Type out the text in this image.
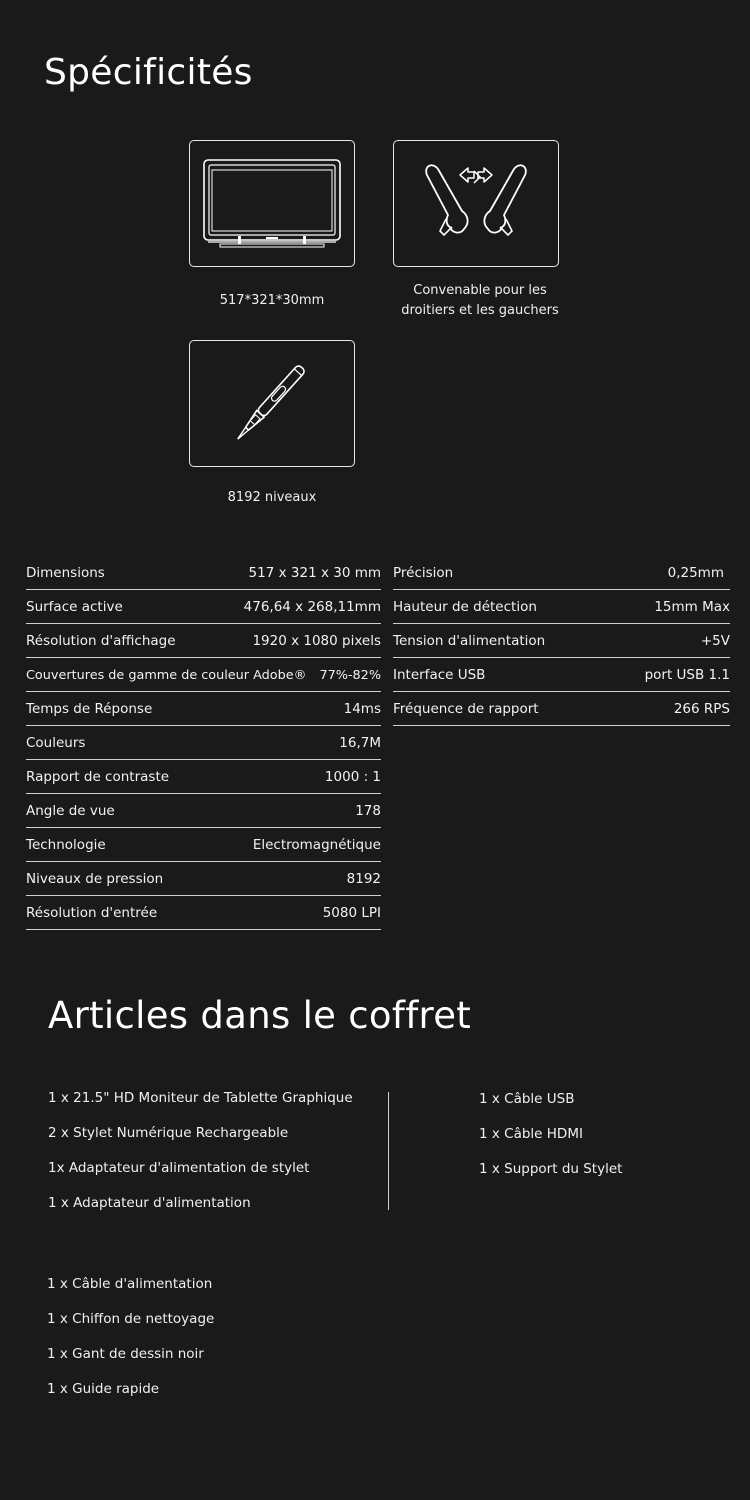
Spécificités
517*321*30mm
Convenable pour les
droitiers et les gauchers
8192 niveaux
Dimensions	517 x 321 x 30 mm
Surface active	476,64 x 268,11mm
Résolution d'affichage	1920 x 1080 pixels
Couvertures de gamme de couleur Adobe® 77%-82%
Temps de Réponse	14ms
Couleurs	16,7M
Rapport de contraste	1000 : 1
Angle de vue	178
Technologie	Electromagnétique
Niveaux de pression	8192
Résolution d'entrée	5080 LPI
Précision	0,25mm
Hauteur de détection	15mm Max
Tension d'alimentation	+5V
Interface USB	port USB 1.1
Fréquence de rapport	266 RPS
Articles dans le coffret
1 x 21.5" HD Moniteur de Tablette Graphique
2 x Stylet Numérique Rechargeable
1x Adaptateur d'alimentation de stylet
1 x Adaptateur d'alimentation
1 x Câble USB
1 x Câble HDMI
1 x Support du Stylet
1 x Câble d'alimentation
1 x Chiffon de nettoyage
1 x Gant de dessin noir
1 x Guide rapide
